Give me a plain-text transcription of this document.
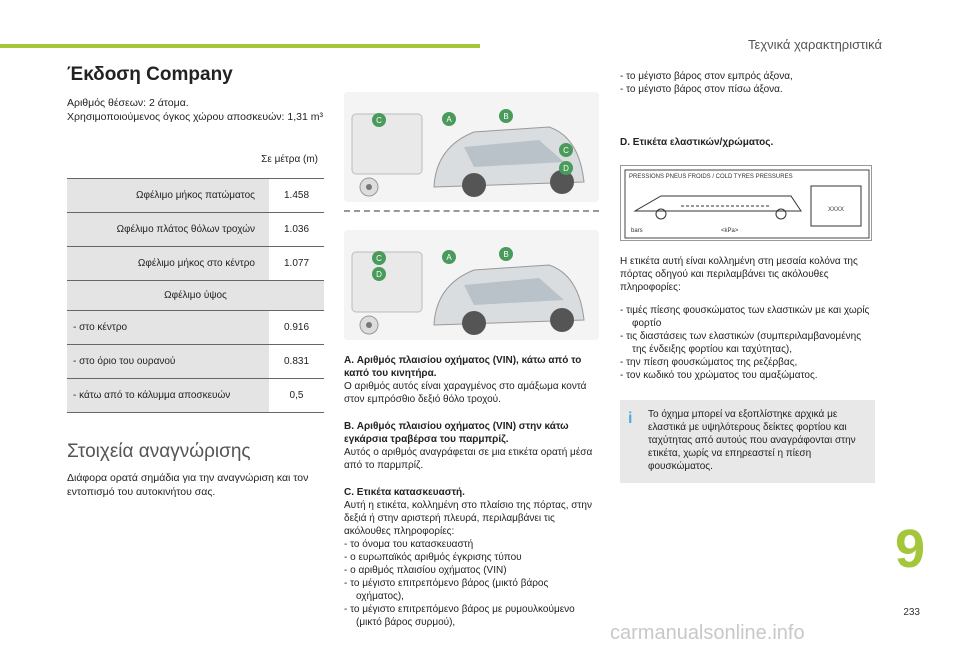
Τεχνικά χαρακτηριστικά
Έκδοση Company

Αριθμός θέσεων: 2 άτομα.

Χρησιμοποιούμενος όγκος χώρου αποσκευών: 1,31 m³

Σε μέτρα (m)	
Ωφέλιμο μήκος πατώματος	1.458
Ωφέλιμο πλάτος θόλων τροχών	1.036
Ωφέλιμο μήκος στο κέντρο	1.077
Ωφέλιμο ύψος	
- στο κέντρο	0.916
- στο όριο του ουρανού	0.831
- κάτω από το κάλυμμα αποσκευών	0,5
Στοιχεία αναγνώρισης

Διάφορα ορατά σημάδια για την αναγνώριση και τον εντοπισμό του αυτοκινήτου σας.

C	A	B
C
D
C
D
A	B
A. Αριθμός πλαισίου οχήματος (VIN), κάτω από το καπό του κινητήρα.
Ο αριθμός αυτός είναι χαραγμένος στο αμάξωμα κοντά στον εμπρόσθιο δεξιό θόλο τροχού.
B. Αριθμός πλαισίου οχήματος (VIN) στην κάτω εγκάρσια τραβέρσα του παρμπρίζ.
Αυτός ο αριθμός αναγράφεται σε μια ετικέτα ορατή μέσα από το παρμπρίζ.
C. Ετικέτα κατασκευαστή.
Αυτή η ετικέτα, κολλημένη στο πλαίσιο της πόρτας, στην δεξιά ή στην αριστερή πλευρά, περιλαμβάνει τις ακόλουθες πληροφορίες:
- το όνομα του κατασκευαστή
- ο ευρωπαϊκός αριθμός έγκρισης τύπου
- ο αριθμός πλαισίου οχήματος (VIN)
- το μέγιστο επιτρεπόμενο βάρος (μικτό βάρος οχήματος),
- το μέγιστο επιτρεπόμενο βάρος με ρυμουλκούμενο (μικτό βάρος συρμού),
- το μέγιστο βάρος στον εμπρός άξονα,
- το μέγιστο βάρος στον πίσω άξονα.
D. Ετικέτα ελαστικών/χρώματος.
PRESSIONS PNEUS FROIDS / COLD TYRES PRESSURES
bars	<kPa>
XXXX

Η ετικέτα αυτή είναι κολλημένη στη μεσαία κολόνα της πόρτας οδηγού και περιλαμβάνει τις ακόλουθες πληροφορίες:

- τιμές πίεσης φουσκώματος των ελαστικών με και χωρίς φορτίο
- τις διαστάσεις των ελαστικών (συμπεριλαμβανομένης της ένδειξης φορτίου και ταχύτητας),
- την πίεση φουσκώματος της ρεζέρβας,
- τον κωδικό του χρώματος του αμαξώματος.
i Το όχημα μπορεί να εξοπλίστηκε αρχικά με ελαστικά με υψηλότερους δείκτες φορτίου και ταχύτητας από αυτούς που αναγράφονται στην ετικέτα, χωρίς να επηρεαστεί η πίεση φουσκώματος.
9
233
carmanualsonline.info
